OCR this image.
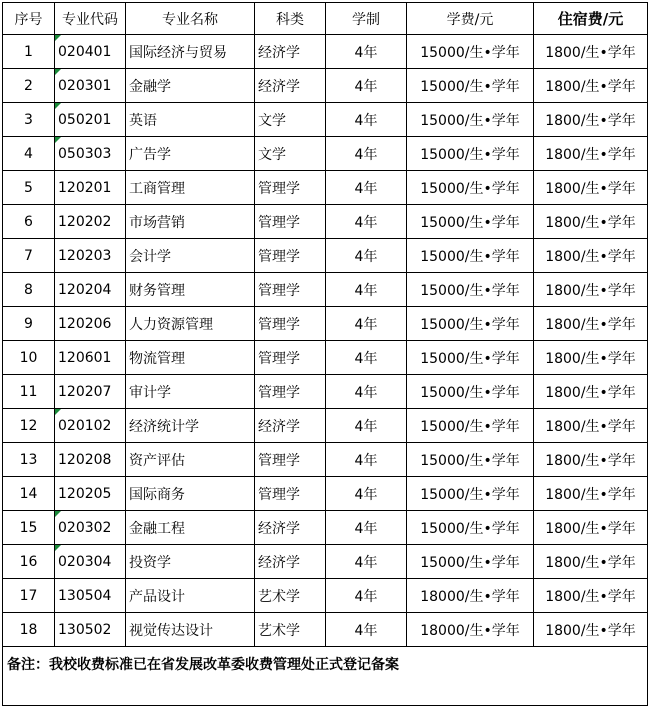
序号	专业代码	专业名称	科类	学制	学费/元	住宿费/元
1	020401	国际经济与贸易	经济学	4年	15000/生•学年	1800/生•学年
2	020301	金融学	经济学	4年	15000/生•学年	1800/生•学年
3	050201	英语	文学	4年	15000/生•学年	1800/生•学年
4	050303	广告学	文学	4年	15000/生•学年	1800/生•学年
5	120201	工商管理	管理学	4年	15000/生•学年	1800/生•学年
6	120202	市场营销	管理学	4年	15000/生•学年	1800/生•学年
7	120203	会计学	管理学	4年	15000/生•学年	1800/生•学年
8	120204	财务管理	管理学	4年	15000/生•学年	1800/生•学年
9	120206	人力资源管理	管理学	4年	15000/生•学年	1800/生•学年
10	120601	物流管理	管理学	4年	15000/生•学年	1800/生•学年
11	120207	审计学	管理学	4年	15000/生•学年	1800/生•学年
12	020102	经济统计学	经济学	4年	15000/生•学年	1800/生•学年
13	120208	资产评估	管理学	4年	15000/生•学年	1800/生•学年
14	120205	国际商务	管理学	4年	15000/生•学年	1800/生•学年
15	020302	金融工程	经济学	4年	15000/生•学年	1800/生•学年
16	020304	投资学	经济学	4年	15000/生•学年	1800/生•学年
17	130504	产品设计	艺术学	4年	18000/生•学年	1800/生•学年
18	130502	视觉传达设计	艺术学	4年	18000/生•学年	1800/生•学年
备注：我校收费标准已在省发展改革委收费管理处正式登记备案						
